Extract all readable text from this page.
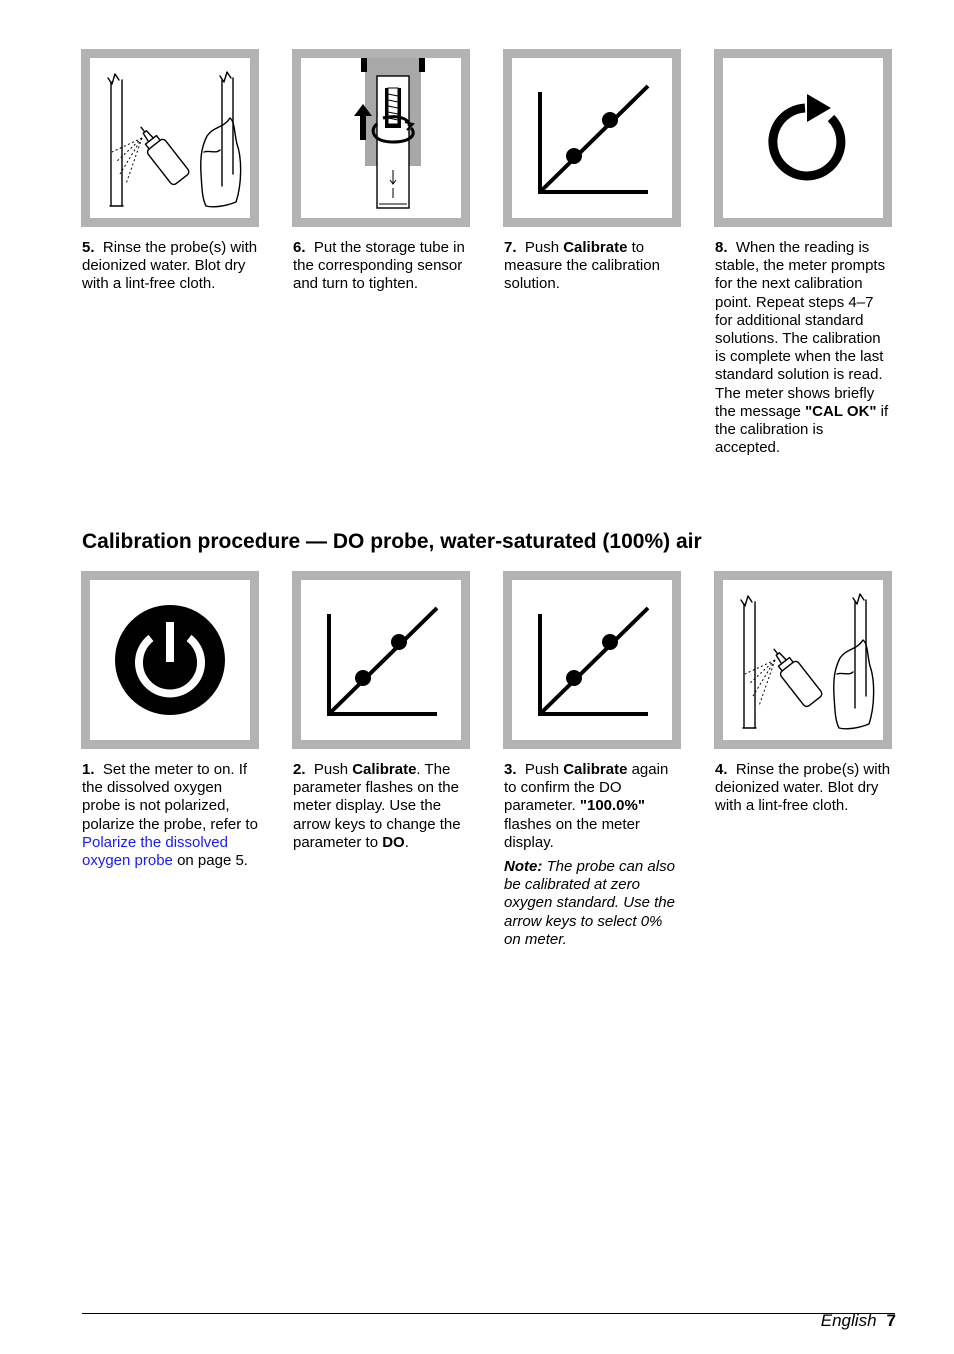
5. Rinse the probe(s) with deionized water. Blot dry with a lint-free cloth.

6. Put the storage tube in the corresponding sensor and turn to tighten.

7. Push Calibrate to measure the calibration solution.

8. When the reading is stable, the meter prompts for the next calibration point. Repeat steps 4–7 for additional standard solutions. The calibration is complete when the last standard solution is read. The meter shows briefly the message "CAL OK" if the calibration is accepted.

Calibration procedure — DO probe, water-saturated (100%) air

1. Set the meter to on. If the dissolved oxygen probe is not polarized, polarize the probe, refer to Polarize the dissolved oxygen probe on page 5.

2. Push Calibrate. The parameter flashes on the meter display. Use the arrow keys to change the parameter to DO.

3. Push Calibrate again to confirm the DO parameter. "100.0%" flashes on the meter display.

Note: The probe can also be calibrated at zero oxygen standard. Use the arrow keys to select 0% on meter.

4. Rinse the probe(s) with deionized water. Blot dry with a lint-free cloth.

English 7
